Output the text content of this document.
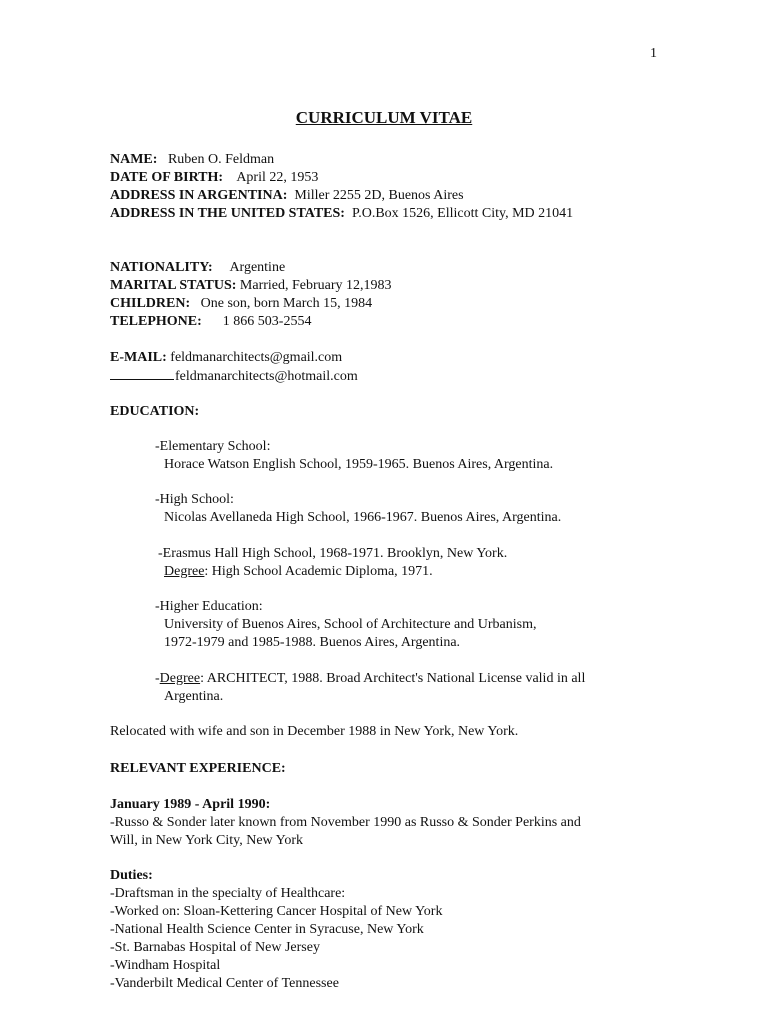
1
CURRICULUM VITAE
NAME: Ruben O. Feldman
DATE OF BIRTH: April 22, 1953
ADDRESS IN ARGENTINA: Miller 2255 2D, Buenos Aires
ADDRESS IN THE UNITED STATES: P.O.Box 1526, Ellicott City, MD 21041
NATIONALITY: Argentine
MARITAL STATUS: Married, February 12,1983
CHILDREN: One son, born March 15, 1984
TELEPHONE: 1 866 503-2554
E-MAIL: feldmanarchitects@gmail.com
feldmanarchitects@hotmail.com
EDUCATION:
-Elementary School:
Horace Watson English School, 1959-1965. Buenos Aires, Argentina.
-High School:
Nicolas Avellaneda High School, 1966-1967. Buenos Aires, Argentina.
-Erasmus Hall High School, 1968-1971. Brooklyn, New York.
Degree: High School Academic Diploma, 1971.
-Higher Education:
University of Buenos Aires, School of Architecture and Urbanism,
1972-1979 and 1985-1988. Buenos Aires, Argentina.
-Degree: ARCHITECT, 1988. Broad Architect's National License valid in all
Argentina.
Relocated with wife and son in December 1988 in New York, New York.
RELEVANT EXPERIENCE:
January 1989 - April 1990:
-Russo & Sonder later known from November 1990 as Russo & Sonder Perkins and
Will, in New York City, New York
Duties:
-Draftsman in the specialty of Healthcare:
-Worked on: Sloan-Kettering Cancer Hospital of New York
-National Health Science Center in Syracuse, New York
-St. Barnabas Hospital of New Jersey
-Windham Hospital
-Vanderbilt Medical Center of Tennessee
